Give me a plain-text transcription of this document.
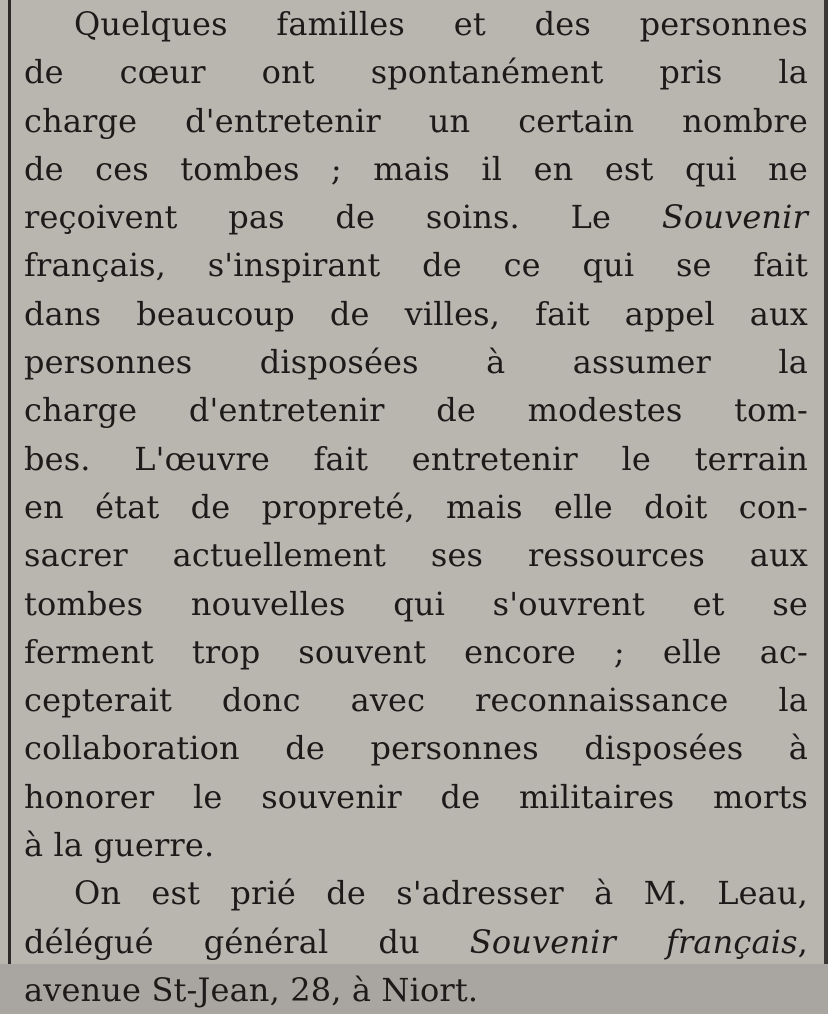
Quelques familles et des personnes
de cœur ont spontanément pris la
charge d'entretenir un certain nombre
de ces tombes ; mais il en est qui ne
reçoivent pas de soins. Le Souvenir
français, s'inspirant de ce qui se fait
dans beaucoup de villes, fait appel aux
personnes disposées à assumer la
charge d'entretenir de modestes tom-
bes. L'œuvre fait entretenir le terrain
en état de propreté, mais elle doit con-
sacrer actuellement ses ressources aux
tombes nouvelles qui s'ouvrent et se
ferment trop souvent encore ; elle ac-
cepterait donc avec reconnaissance la
collaboration de personnes disposées à
honorer le souvenir de militaires morts
à la guerre.
On est prié de s'adresser à M. Leau,
délégué général du Souvenir français,
avenue St-Jean, 28, à Niort.
